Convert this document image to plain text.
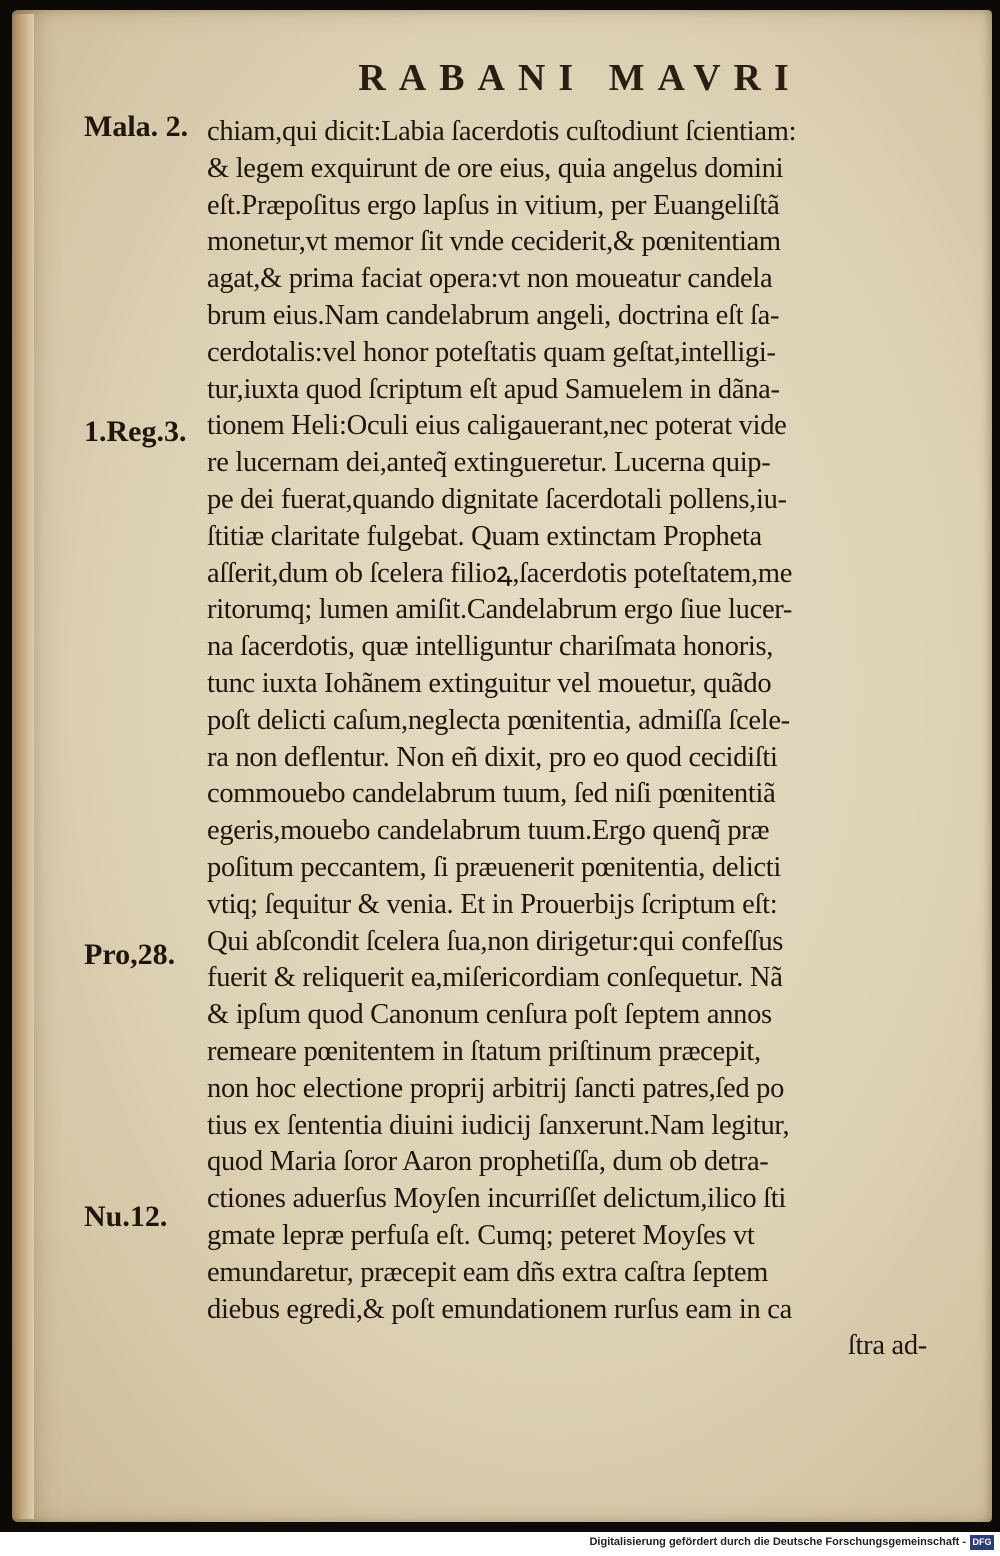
RABANI MAVRI
Mala. 2.
1.Reg.3.
Pro,28.
Nu.12.
chiam,qui dicit:Labia ſacerdotis cuſtodiunt ſcientiam:
& legem exquirunt de ore eius, quia angelus domini
eſt.Præpoſitus ergo lapſus in vitium, per Euangeliſtã
monetur,vt memor ſit vnde ceciderit,& pœnitentiam
agat,& prima faciat opera:vt non moueatur candela
brum eius.Nam candelabrum angeli, doctrina eſt ſa-
cerdotalis:vel honor poteſtatis quam geſtat,intelligi-
tur,iuxta quod ſcriptum eſt apud Samuelem in dãna-
tionem Heli:Oculi eius caligauerant,nec poterat vide
re lucernam dei,anteq̃ extingueretur. Lucerna quip-
pe dei fuerat,quando dignitate ſacerdotali pollens,iu-
ſtitiæ claritate fulgebat. Quam extinctam Propheta
aſſerit,dum ob ſcelera filioꝝ,ſacerdotis poteſtatem,me
ritorumq; lumen amiſit.Candelabrum ergo ſiue lucer-
na ſacerdotis, quæ intelliguntur chariſmata honoris,
tunc iuxta Iohãnem extinguitur vel mouetur, quãdo
poſt delicti caſum,neglecta pœnitentia, admiſſa ſcele-
ra non deflentur. Non eñ dixit, pro eo quod cecidiſti
commouebo candelabrum tuum, ſed niſi pœnitentiã
egeris,mouebo candelabrum tuum.Ergo quenq̃ præ
poſitum peccantem, ſi præuenerit pœnitentia, delicti
vtiq; ſequitur & venia. Et in Prouerbijs ſcriptum eſt:
Qui abſcondit ſcelera ſua,non dirigetur:qui confeſſus
fuerit & reliquerit ea,miſericordiam conſequetur. Nã
& ipſum quod Canonum cenſura poſt ſeptem annos
remeare pœnitentem in ſtatum priſtinum præcepit,
non hoc electione proprij arbitrij ſancti patres,ſed po
tius ex ſententia diuini iudicij ſanxerunt.Nam legitur,
quod Maria ſoror Aaron prophetiſſa, dum ob detra-
ctiones aduerſus Moyſen incurriſſet delictum,ilico ſti
gmate lepræ perfuſa eſt. Cumq; peteret Moyſes vt
emundaretur, præcepit eam dñs extra caſtra ſeptem
diebus egredi,& poſt emundationem rurſus eam in ca
ſtra ad-
Digitalisierung gefördert durch die Deutsche Forschungsgemeinschaft - DFG
